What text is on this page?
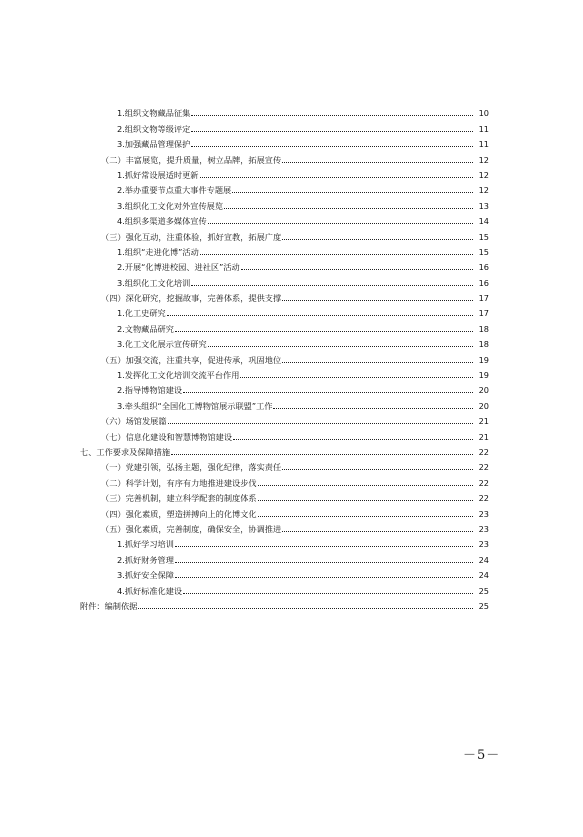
1.组织文物藏品征集	10
2.组织文物等级评定	11
3.加强藏品管理保护	11
（二）丰富展览，提升质量，树立品牌，拓展宣传	12
1.抓好常设展适时更新	12
2.举办重要节点重大事件专题展	12
3.组织化工文化对外宣传展览	13
4.组织多渠道多媒体宣传	14
（三）强化互动，注重体验，抓好宣教，拓展广度	15
1.组织“走进化博”活动	15
2.开展“化博进校园、进社区”活动	16
3.组织化工文化培训	16
（四）深化研究，挖掘故事，完善体系，提供支撑	17
1.化工史研究	17
2.文物藏品研究	18
3.化工文化展示宣传研究	18
（五）加强交流，注重共享，促进传承，巩固地位	19
1.发挥化工文化培训交流平台作用	19
2.指导博物馆建设	20
3.牵头组织“全国化工博物馆展示联盟”工作	20
（六）场馆发展篇	21
（七）信息化建设和智慧博物馆建设	21
七、工作要求及保障措施	22
（一）党建引领，弘扬主题，强化纪律，落实责任	22
（二）科学计划，有序有力地推进建设步伐	22
（三）完善机制，建立科学配套的制度体系	22
（四）强化素质，塑造拼搏向上的化博文化	23
（五）强化素质，完善制度，确保安全，协调推进	23
1.抓好学习培训	23
2.抓好财务管理	24
3.抓好安全保障	24
4.抓好标准化建设	25
附件：编制依据	25
－5－
